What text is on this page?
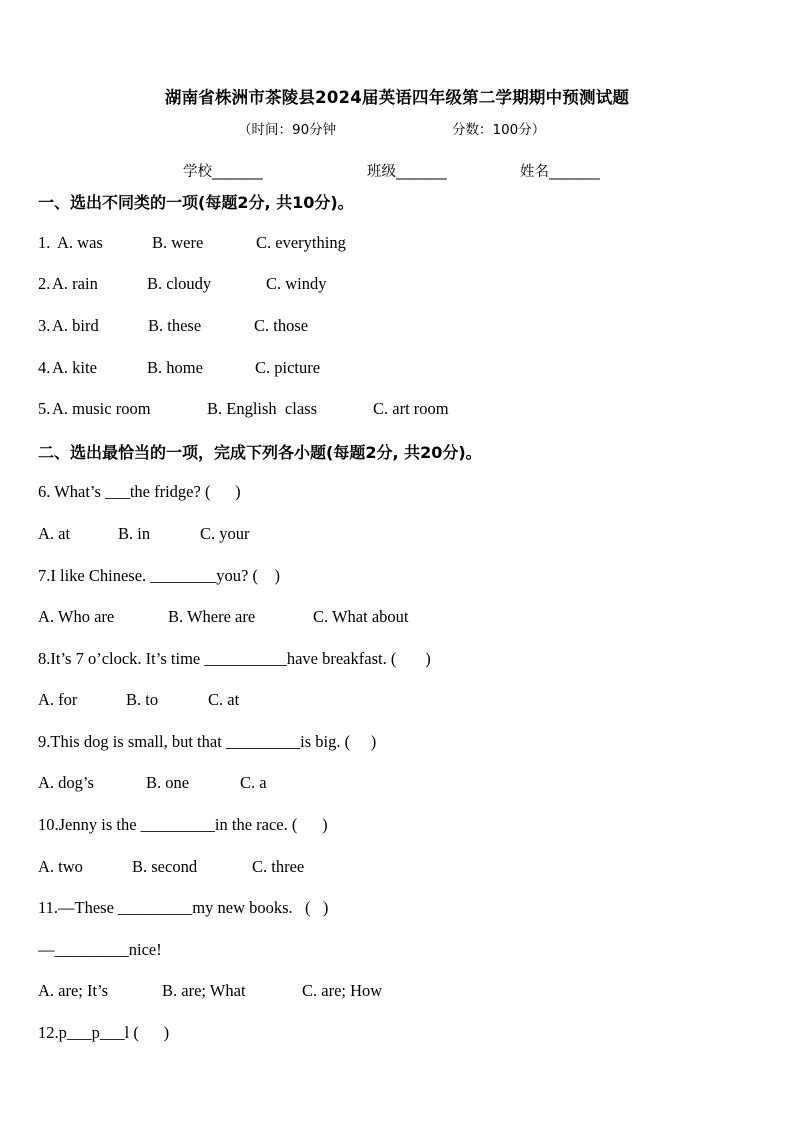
湖南省株洲市茶陵县2024届英语四年级第二学期期中预测试题
（时间：90分钟	分数：100分）
学校_______	班级_______	姓名_______
一、选出不同类的一项(每题2分, 共10分)。
1. A. was	B. were	C. everything
2. A. rain	B. cloudy	C. windy
3. A. bird	B. these	C. those
4. A. kite	B. home	C. picture
5. A. music room	B. English  class	C. art room
二、选出最恰当的一项，完成下列各小题(每题2分, 共20分)。
6. What’s ___the fridge? (      )
A. at	B. in	C. your
7.I like Chinese. ________you? (    )
A. Who are	B. Where are	C. What about
8.It’s 7 o’clock. It’s time __________have breakfast. (       )
A. for	B. to	C. at
9.This dog is small, but that _________is big. (     )
A. dog’s	B. one	C. a
10.Jenny is the _________in the race. (      )
A. two	B. second	C. three
11.—These _________my new books.   (   )
—_________nice!
A. are; It’s	B. are; What	C. are; How
12.p___p___l (      )
